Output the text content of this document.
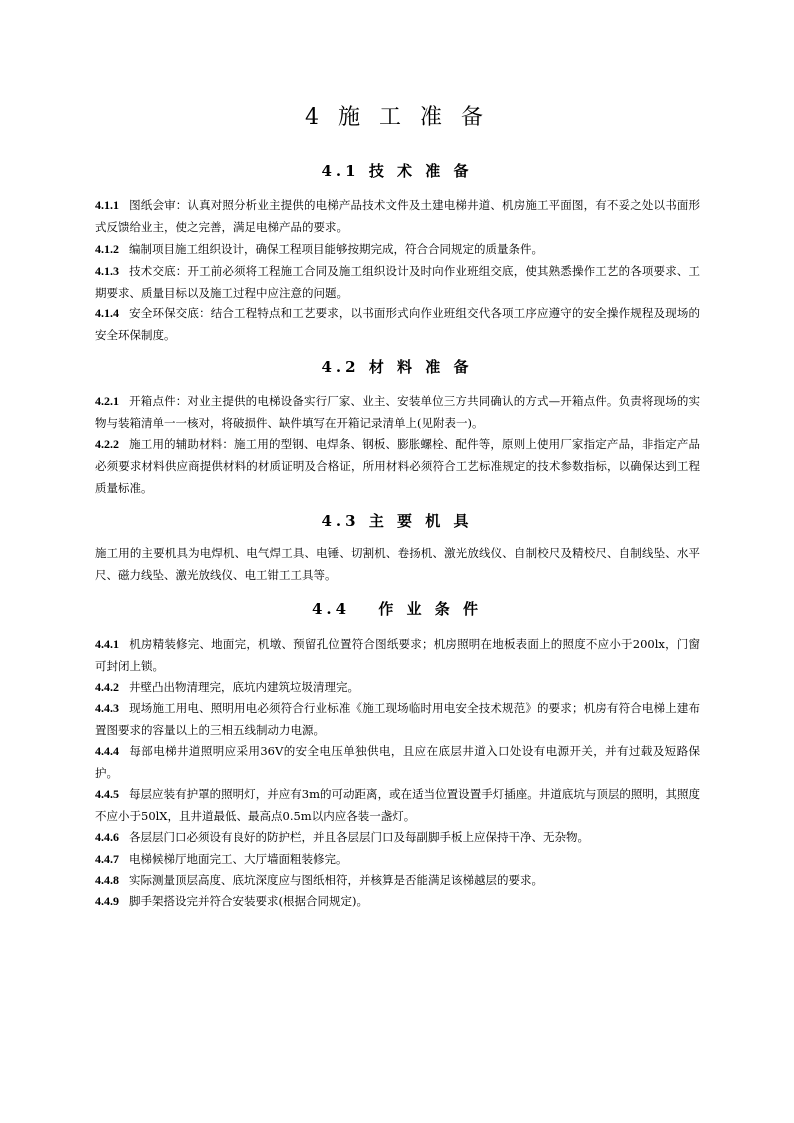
4 施 工 准 备
4.1 技 术 准 备
4.1.1 图纸会审：认真对照分析业主提供的电梯产品技术文件及土建电梯井道、机房施工平面图，有不妥之处以书面形式反馈给业主，使之完善，满足电梯产品的要求。
4.1.2 编制项目施工组织设计，确保工程项目能够按期完成，符合合同规定的质量条件。
4.1.3 技术交底：开工前必须将工程施工合同及施工组织设计及时向作业班组交底，使其熟悉操作工艺的各项要求、工期要求、质量目标以及施工过程中应注意的问题。
4.1.4 安全环保交底：结合工程特点和工艺要求，以书面形式向作业班组交代各项工序应遵守的安全操作规程及现场的安全环保制度。
4.2 材 料 准 备
4.2.1 开箱点件：对业主提供的电梯设备实行厂家、业主、安装单位三方共同确认的方式—开箱点件。负责将现场的实物与装箱清单一一核对，将破损件、缺件填写在开箱记录清单上(见附表一)。
4.2.2 施工用的辅助材料：施工用的型钢、电焊条、钢板、膨胀螺栓、配件等，原则上使用厂家指定产品，非指定产品必须要求材料供应商提供材料的材质证明及合格证，所用材料必须符合工艺标准规定的技术参数指标，以确保达到工程质量标准。
4.3 主 要 机 具
施工用的主要机具为电焊机、电气焊工具、电锤、切割机、卷扬机、激光放线仪、自制校尺及精校尺、自制线坠、水平尺、磁力线坠、激光放线仪、电工钳工工具等。
4.4　 作 业 条 件
4.4.1 机房精装修完、地面完，机墩、预留孔位置符合图纸要求；机房照明在地板表面上的照度不应小于200lx，门窗可封闭上锁。
4.4.2 井壁凸出物清理完，底坑内建筑垃圾清理完。
4.4.3 现场施工用电、照明用电必须符合行业标准《施工现场临时用电安全技术规范》的要求；机房有符合电梯上建布置图要求的容量以上的三相五线制动力电源。
4.4.4 每部电梯井道照明应采用36V的安全电压单独供电，且应在底层井道入口处设有电源开关，并有过载及短路保护。
4.4.5 每层应装有护罩的照明灯，并应有3m的可动距离，或在适当位置设置手灯插座。井道底坑与顶层的照明，其照度不应小于50lX，且井道最低、最高点0.5m以内应各装一盏灯。
4.4.6 各层层门口必须设有良好的防护栏，并且各层层门口及每副脚手板上应保持干净、无杂物。
4.4.7 电梯候梯厅地面完工、大厅墙面粗装修完。
4.4.8 实际测量顶层高度、底坑深度应与图纸相符，并核算是否能满足该梯越层的要求。
4.4.9 脚手架搭设完并符合安装要求(根据合同规定)。
